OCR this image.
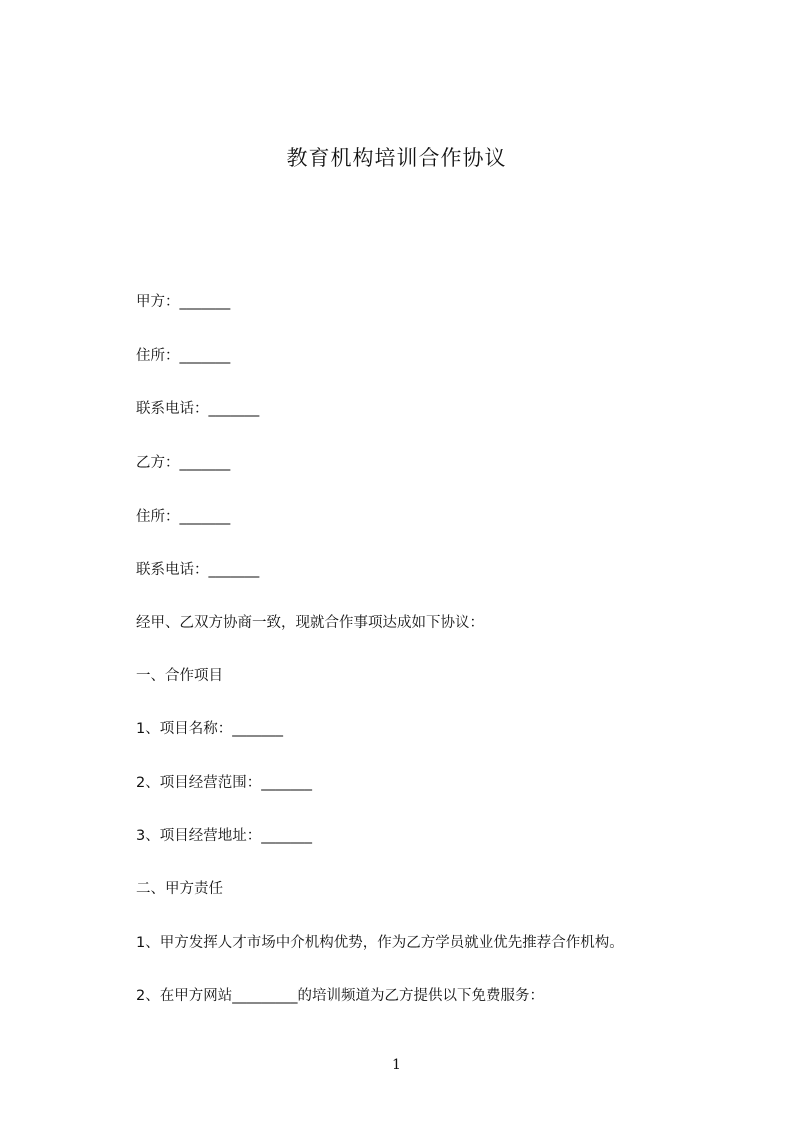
教育机构培训合作协议
甲方：_______
住所：_______
联系电话：_______
乙方：_______
住所：_______
联系电话：_______
经甲、乙双方协商一致，现就合作事项达成如下协议：
一、合作项目
1、项目名称：_______
2、项目经营范围：_______
3、项目经营地址：_______
二、甲方责任
1、甲方发挥人才市场中介机构优势，作为乙方学员就业优先推荐合作机构。
2、在甲方网站_________的培训频道为乙方提供以下免费服务：
1
